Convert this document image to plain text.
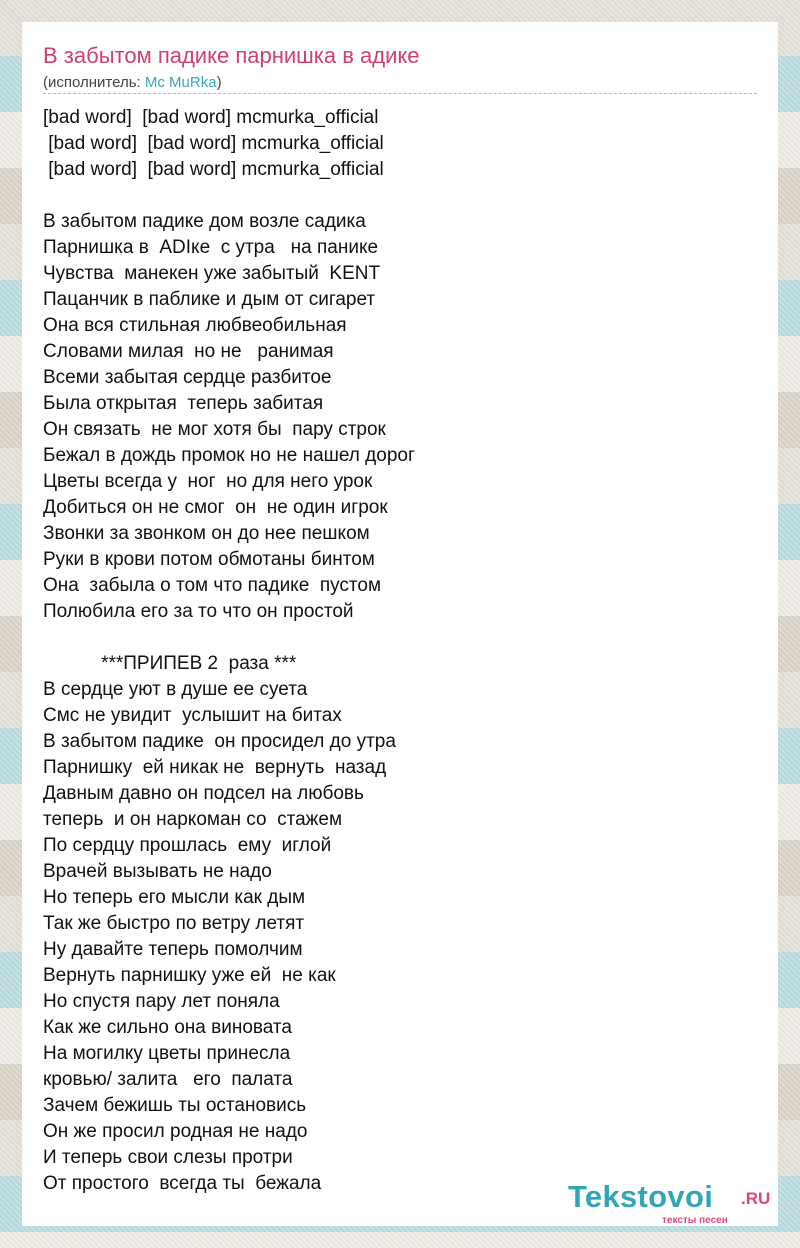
В забытом падике парнишка в адике
(исполнитель: Mc MuRka)
[bad word]  [bad word] mcmurka_official
[bad word]  [bad word] mcmurka_official
[bad word]  [bad word] mcmurka_official
В забытом падике дом возле садика
Парнишка в  ADIке  с утра   на панике
Чувства  манекен уже забытый  KENT
Пацанчик в паблике и дым от сигарет
Она вся стильная любвеобильная
Словами милая  но не   ранимая
Всеми забытая сердце разбитое
Была открытая  теперь забитая
Он связать  не мог хотя бы  пару строк
Бежал в дождь промок но не нашел дорог
Цветы всегда у  ног  но для него урок
Добиться он не смог  он  не один игрок
Звонки за звонком он до нее пешком
Руки в крови потом обмотаны бинтом
Она  забыла о том что падике  пустом
Полюбила его за то что он простой
***ПРИПЕВ 2  раза ***
В сердце уют в душе ее суета
Смс не увидит  услышит на битах
В забытом падике  он просидел до утра
Парнишку  ей никак не  вернуть  назад
Давным давно он подсел на любовь
теперь  и он наркоман со  стажем
По сердцу прошлась  ему  иглой
Врачей вызывать не надо
Но теперь его мысли как дым
Так же быстро по ветру летят
Ну давайте теперь помолчим
Вернуть парнишку уже ей  не как
Но спустя пару лет поняла
Как же сильно она виновата
На могилку цветы принесла
кровью/ залита   его  палата
Зачем бежишь ты остановись
Он же просил родная не надо
И теперь свои слезы протри
От простого  всегда ты  бежала	Tekstovoi .RU
тексты песен
